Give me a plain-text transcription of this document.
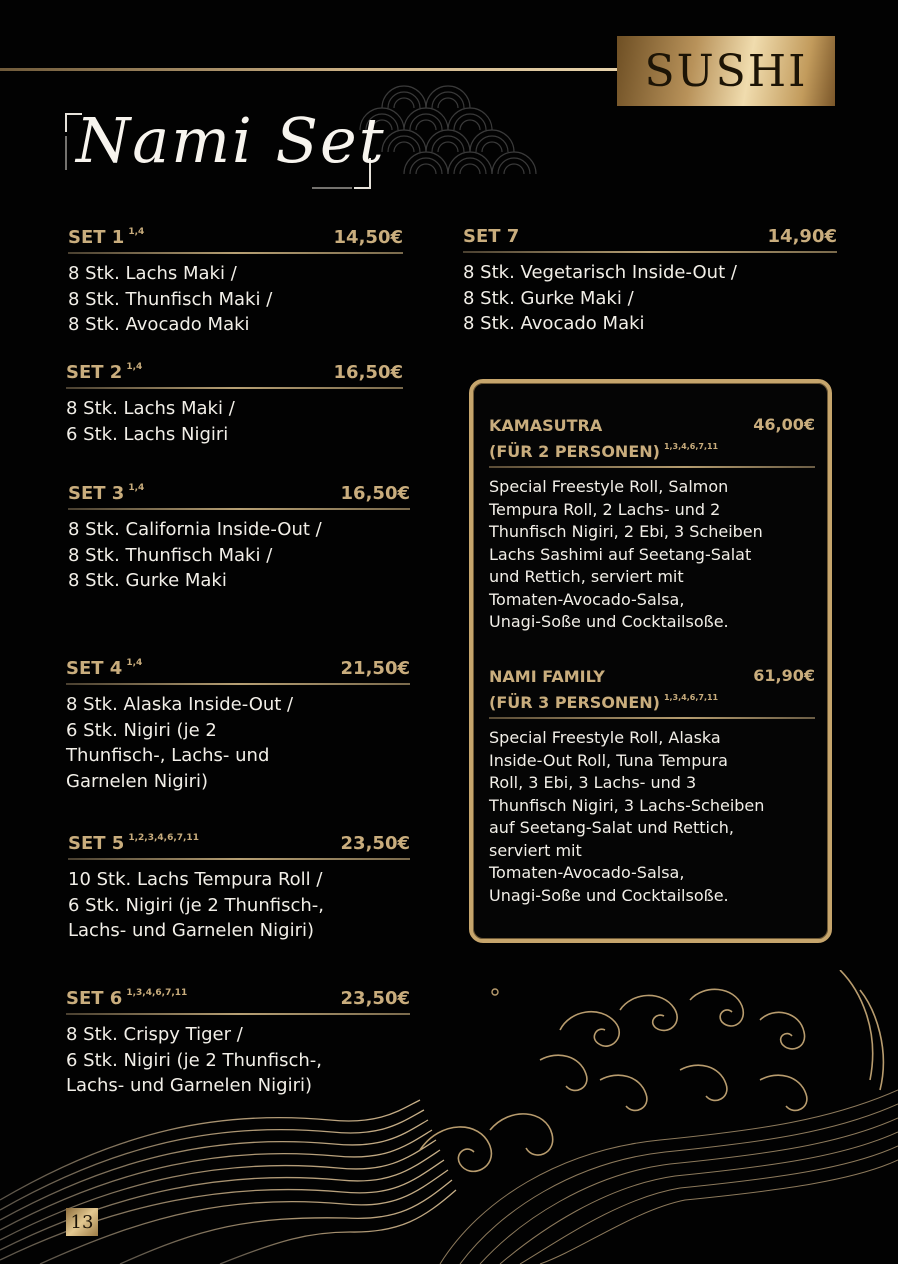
SUSHI
Nami Set
SET 1 $^{1,4}$	14,50€
8 Stk. Lachs Maki /
8 Stk. Thunfisch Maki /
8 Stk. Avocado Maki
SET 2 $^{1,4}$	16,50€
8 Stk. Lachs Maki /
6 Stk. Lachs Nigiri
SET 3 $^{1,4}$	16,50€
8 Stk. California Inside-Out /
8 Stk. Thunfisch Maki /
8 Stk. Gurke Maki
SET 4 $^{1,4}$	21,50€
8 Stk. Alaska Inside-Out /
6 Stk. Nigiri (je 2
Thunfisch-, Lachs- und
Garnelen Nigiri)
SET 5 $^{1,2,3,4,6,7,11}$	23,50€
10 Stk. Lachs Tempura Roll /
6 Stk. Nigiri (je 2 Thunfisch-,
Lachs- und Garnelen Nigiri)
SET 6 $^{1,3,4,6,7,11}$	23,50€
8 Stk. Crispy Tiger /
6 Stk. Nigiri (je 2 Thunfisch-,
Lachs- und Garnelen Nigiri)
SET 7	14,90€
8 Stk. Vegetarisch Inside-Out /
8 Stk. Gurke Maki /
8 Stk. Avocado Maki
KAMASUTRA
(FÜR 2 PERSONEN) $^{1,3,4,6,7,11}$
46,00€
Special Freestyle Roll, Salmon
Tempura Roll, 2 Lachs- und 2
Thunfisch Nigiri, 2 Ebi, 3 Scheiben
Lachs Sashimi auf Seetang-Salat
und Rettich, serviert mit
Tomaten-Avocado-Salsa,
Unagi-Soße und Cocktailsoße.
NAMI FAMILY
(FÜR 3 PERSONEN) $^{1,3,4,6,7,11}$
61,90€
Special Freestyle Roll, Alaska
Inside-Out Roll, Tuna Tempura
Roll, 3 Ebi, 3 Lachs- und 3
Thunfisch Nigiri, 3 Lachs-Scheiben
auf Seetang-Salat und Rettich,
serviert mit
Tomaten-Avocado-Salsa,
Unagi-Soße und Cocktailsoße.
13
